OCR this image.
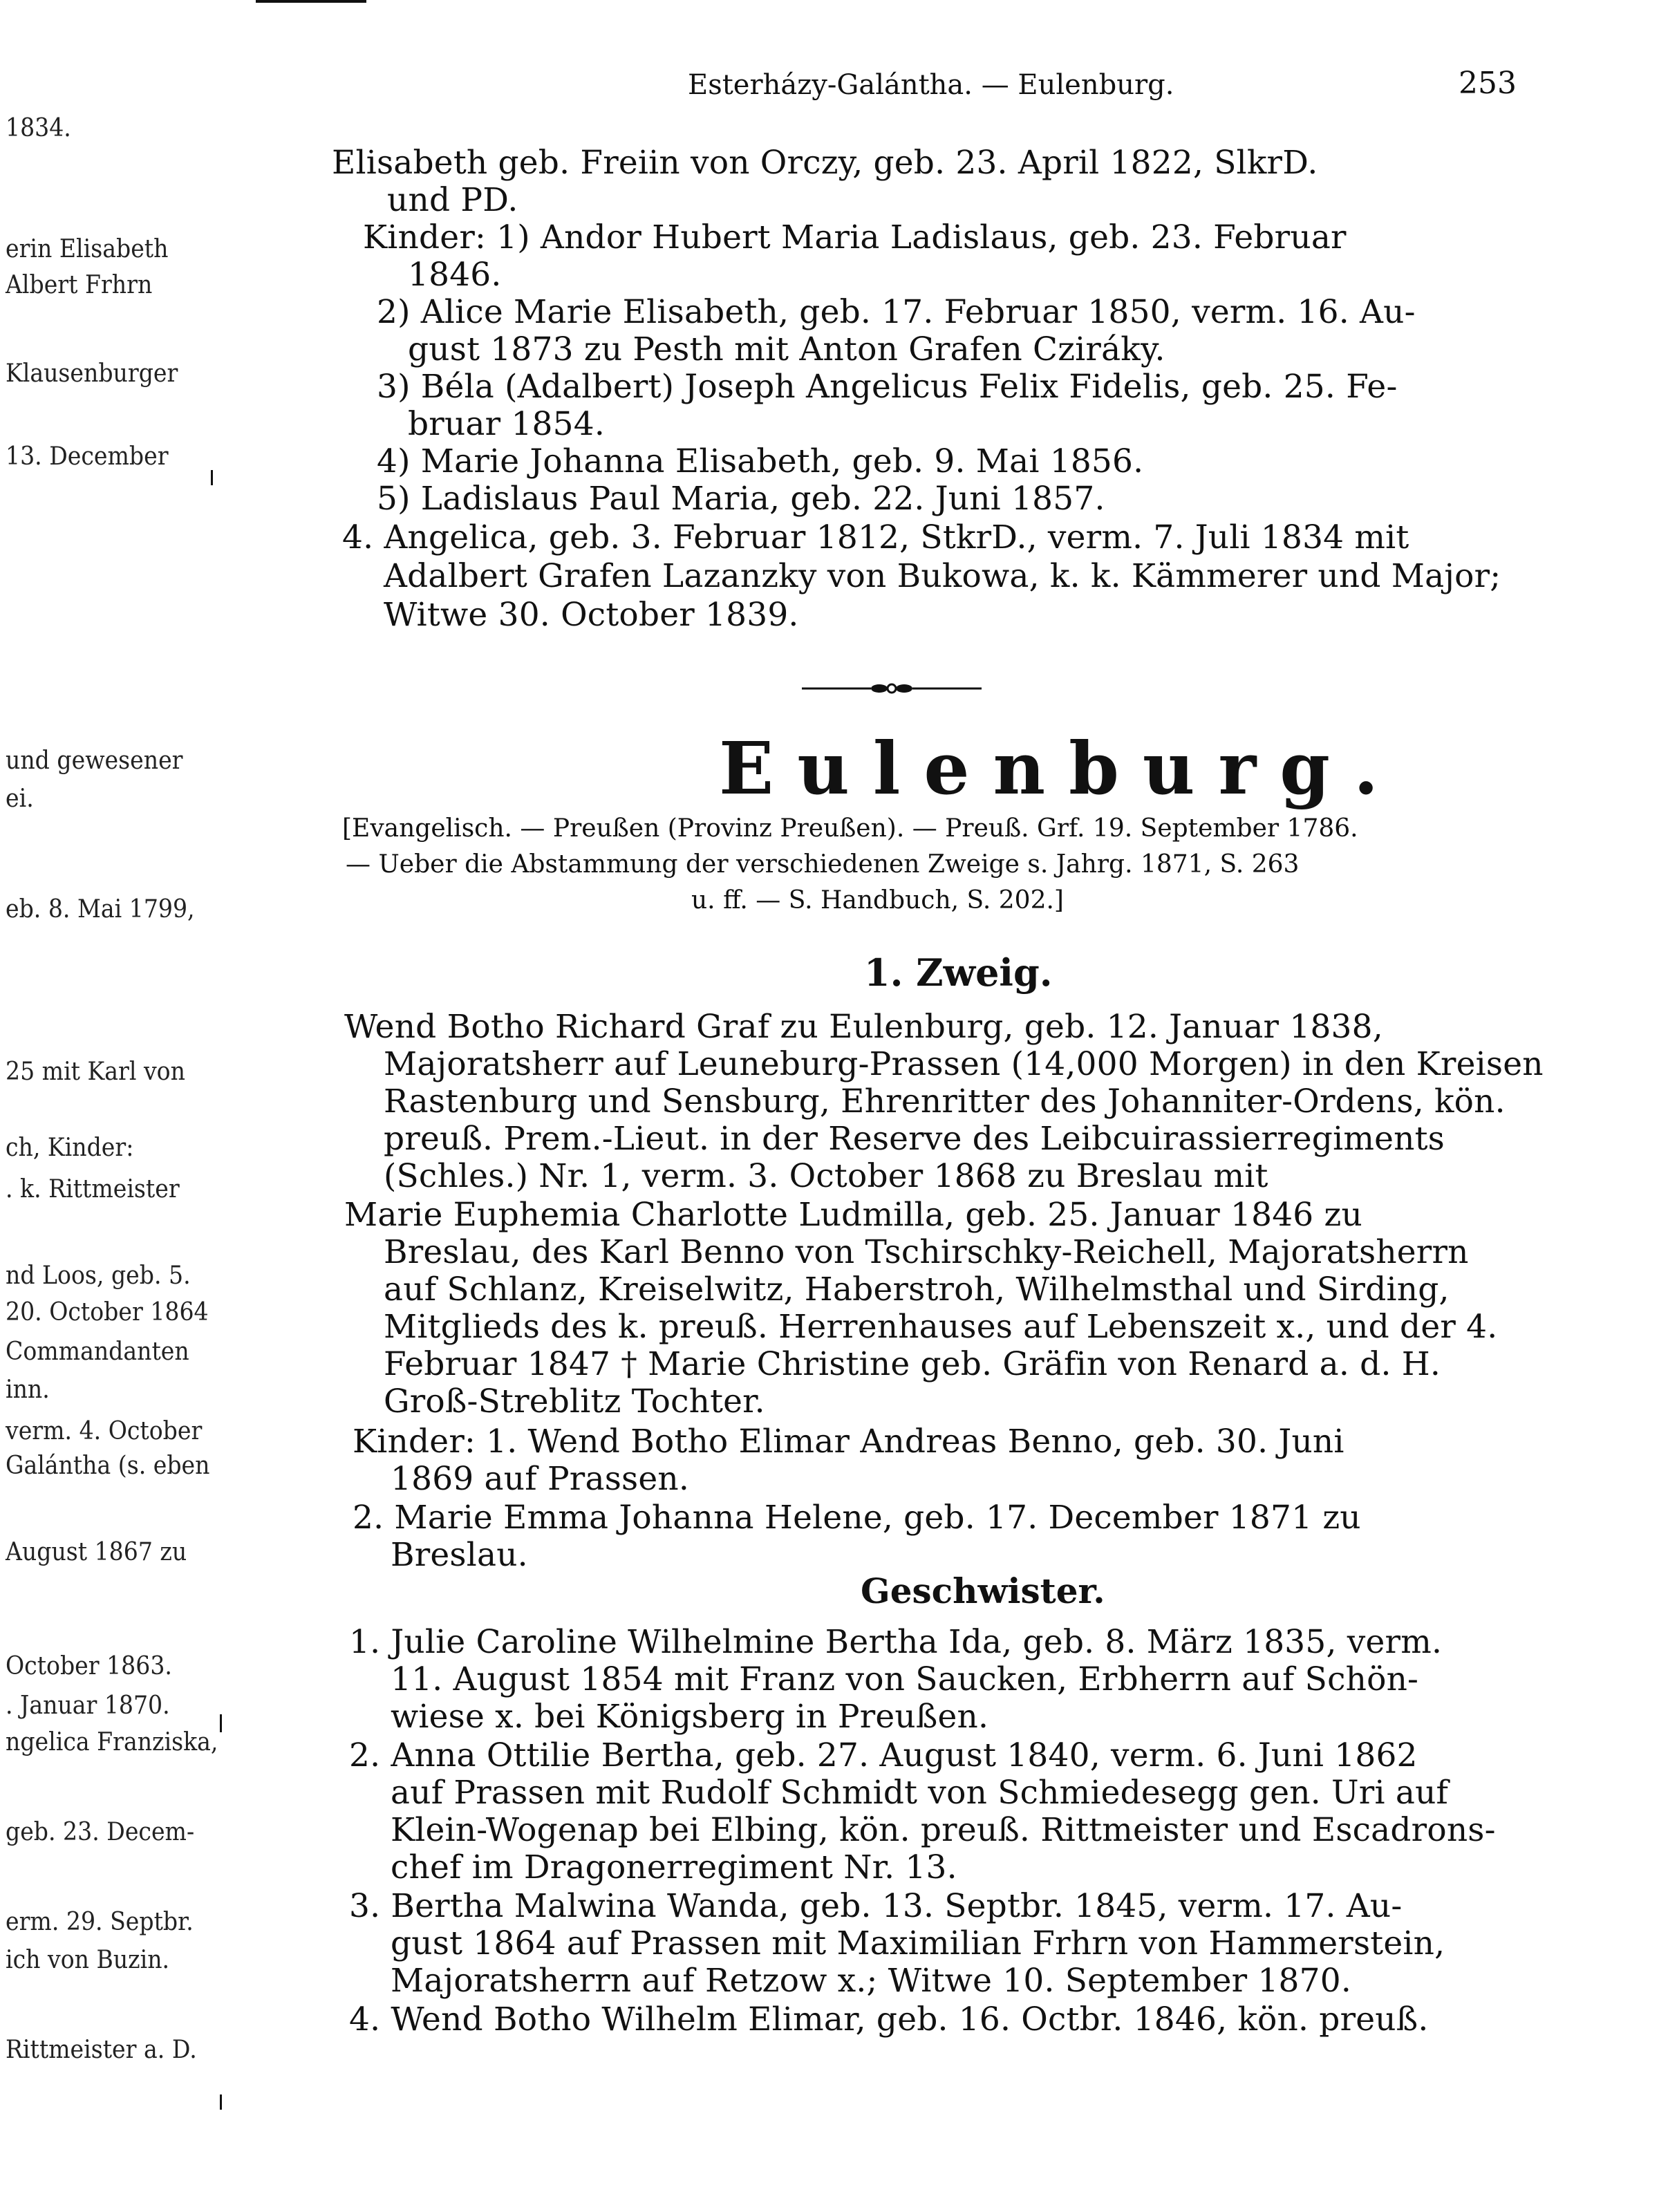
1834.
erin Elisabeth
Albert Frhrn
Klausenburger
13. December
und gewesener
ei.
eb. 8. Mai 1799,
25 mit Karl von
ch, Kinder:
. k. Rittmeister
nd Loos, geb. 5.
20. October 1864
Commandanten
inn.
verm. 4. October
Galántha (s. eben
August 1867 zu
October 1863.
. Januar 1870.
ngelica Franziska,
geb. 23. Decem-
erm. 29. Septbr.
ich von Buzin.
Rittmeister a. D.
Esterházy-Galántha. — Eulenburg.	253
Elisabeth geb. Freiin von Orczy, geb. 23. April 1822, SlkrD.
und PD.
Kinder: 1) Andor Hubert Maria Ladislaus, geb. 23. Februar
1846.
2) Alice Marie Elisabeth, geb. 17. Februar 1850, verm. 16. Au-
gust 1873 zu Pesth mit Anton Grafen Cziráky.
3) Béla (Adalbert) Joseph Angelicus Felix Fidelis, geb. 25. Fe-
bruar 1854.
4) Marie Johanna Elisabeth, geb. 9. Mai 1856.
5) Ladislaus Paul Maria, geb. 22. Juni 1857.
4. Angelica, geb. 3. Februar 1812, StkrD., verm. 7. Juli 1834 mit
Adalbert Grafen Lazanzky von Bukowa, k. k. Kämmerer und Major;
Witwe 30. October 1839.
Eulenburg.
[Evangelisch. — Preußen (Provinz Preußen). — Preuß. Grf. 19. September 1786.
— Ueber die Abstammung der verschiedenen Zweige s. Jahrg. 1871, S. 263
u. ff. — S. Handbuch, S. 202.]
1. Zweig.
Wend Botho Richard Graf zu Eulenburg, geb. 12. Januar 1838,
Majoratsherr auf Leuneburg-Prassen (14,000 Morgen) in den Kreisen
Rastenburg und Sensburg, Ehrenritter des Johanniter-Ordens, kön.
preuß. Prem.-Lieut. in der Reserve des Leibcuirassierregiments
(Schles.) Nr. 1, verm. 3. October 1868 zu Breslau mit
Marie Euphemia Charlotte Ludmilla, geb. 25. Januar 1846 zu
Breslau, des Karl Benno von Tschirschky-Reichell, Majoratsherrn
auf Schlanz, Kreiselwitz, Haberstroh, Wilhelmsthal und Sirding,
Mitglieds des k. preuß. Herrenhauses auf Lebenszeit x., und der 4.
Februar 1847 † Marie Christine geb. Gräfin von Renard a. d. H.
Groß-Streblitz Tochter.
Kinder: 1. Wend Botho Elimar Andreas Benno, geb. 30. Juni
1869 auf Prassen.
2. Marie Emma Johanna Helene, geb. 17. December 1871 zu
Breslau.
Geschwister.
1. Julie Caroline Wilhelmine Bertha Ida, geb. 8. März 1835, verm.
11. August 1854 mit Franz von Saucken, Erbherrn auf Schön-
wiese x. bei Königsberg in Preußen.
2. Anna Ottilie Bertha, geb. 27. August 1840, verm. 6. Juni 1862
auf Prassen mit Rudolf Schmidt von Schmiedesegg gen. Uri auf
Klein-Wogenap bei Elbing, kön. preuß. Rittmeister und Escadrons-
chef im Dragonerregiment Nr. 13.
3. Bertha Malwina Wanda, geb. 13. Septbr. 1845, verm. 17. Au-
gust 1864 auf Prassen mit Maximilian Frhrn von Hammerstein,
Majoratsherrn auf Retzow x.; Witwe 10. September 1870.
4. Wend Botho Wilhelm Elimar, geb. 16. Octbr. 1846, kön. preuß.
